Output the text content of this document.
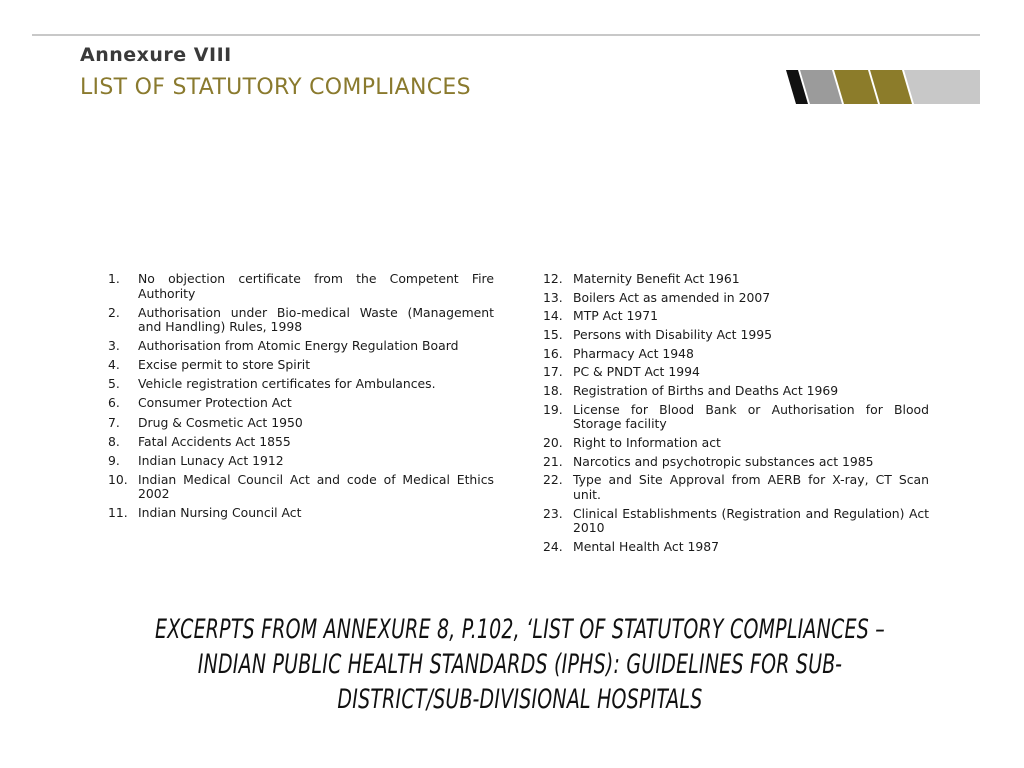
Annexure VIII
LIST OF STATUTORY COMPLIANCES
1.	No objection certificate from the Competent Fire Authority
2.	Authorisation under Bio-medical Waste (Management and Handling) Rules, 1998
3.	Authorisation from Atomic Energy Regulation Board
4.	Excise permit to store Spirit
5.	Vehicle registration certificates for Ambulances.
6.	Consumer Protection Act
7.	Drug & Cosmetic Act 1950
8.	Fatal Accidents Act 1855
9.	Indian Lunacy Act 1912
10. Indian Medical Council Act and code of Medical Ethics 2002
11. Indian Nursing Council Act
12. Maternity Benefit Act 1961
13. Boilers Act as amended in 2007
14. MTP Act 1971
15. Persons with Disability Act 1995
16. Pharmacy Act 1948
17. PC & PNDT Act 1994
18. Registration of Births and Deaths Act 1969
19. License for Blood Bank or Authorisation for Blood Storage facility
20. Right to Information act
21. Narcotics and psychotropic substances act 1985
22. Type and Site Approval from AERB for X-ray, CT Scan unit.
23. Clinical Establishments (Registration and Regulation) Act 2010
24. Mental Health Act 1987
EXCERPTS FROM ANNEXURE 8, P.102, ‘LIST OF STATUTORY COMPLIANCES – INDIAN PUBLIC HEALTH STANDARDS (IPHS): GUIDELINES FOR SUB-DISTRICT/SUB-DIVISIONAL HOSPITALS
